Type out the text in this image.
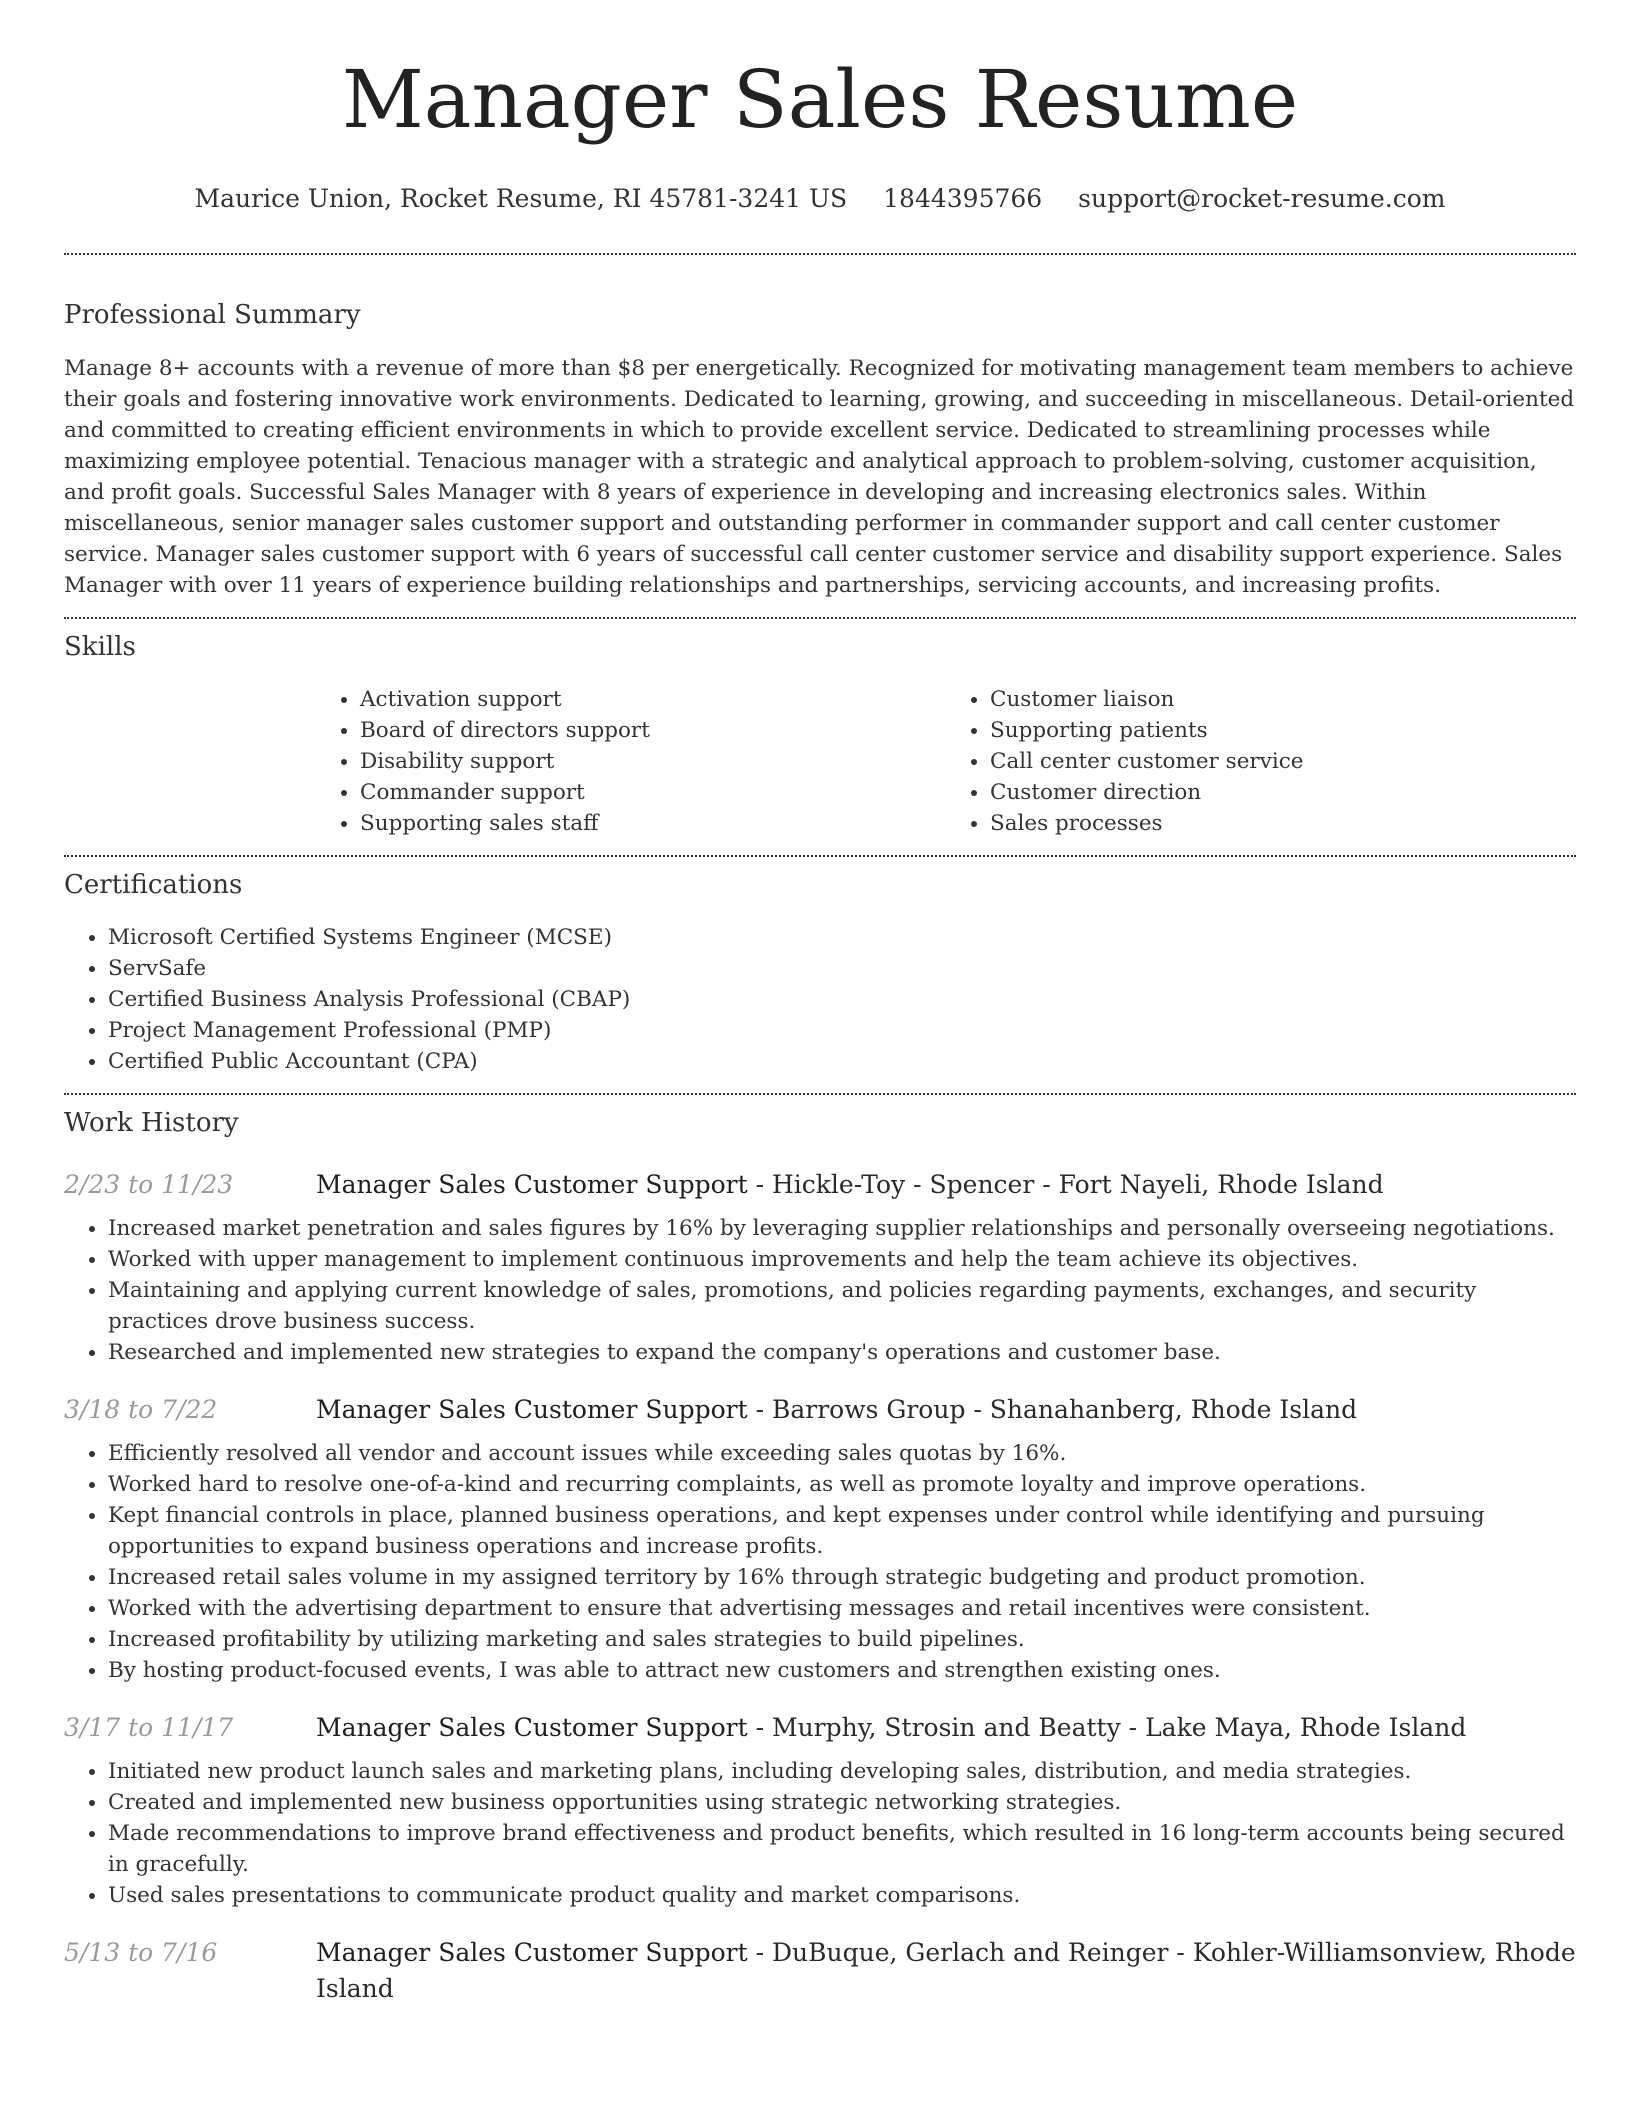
Manager Sales Resume
Maurice Union, Rocket Resume, RI 45781-3241 US 1844395766 support@rocket-resume.com
Professional Summary

Manage 8+ accounts with a revenue of more than $8 per energetically. Recognized for motivating management team members to achieve their goals and fostering innovative work environments. Dedicated to learning, growing, and succeeding in miscellaneous. Detail-oriented and committed to creating efficient environments in which to provide excellent service. Dedicated to streamlining processes while maximizing employee potential. Tenacious manager with a strategic and analytical approach to problem-solving, customer acquisition, and profit goals. Successful Sales Manager with 8 years of experience in developing and increasing electronics sales. Within miscellaneous, senior manager sales customer support and outstanding performer in commander support and call center customer service. Manager sales customer support with 6 years of successful call center customer service and disability support experience. Sales Manager with over 11 years of experience building relationships and partnerships, servicing accounts, and increasing profits.

Skills
• Activation support
• Board of directors support
• Disability support
• Commander support
• Supporting sales staff
• Customer liaison
• Supporting patients
• Call center customer service
• Customer direction
• Sales processes
Certifications
• Microsoft Certified Systems Engineer (MCSE)
• ServSafe
• Certified Business Analysis Professional (CBAP)
• Project Management Professional (PMP)
• Certified Public Accountant (CPA)
Work History
2/23 to 11/23	Manager Sales Customer Support - Hickle-Toy - Spencer - Fort Nayeli, Rhode Island
• Increased market penetration and sales figures by 16% by leveraging supplier relationships and personally overseeing negotiations.
• Worked with upper management to implement continuous improvements and help the team achieve its objectives.
• Maintaining and applying current knowledge of sales, promotions, and policies regarding payments, exchanges, and security practices drove business success.
• Researched and implemented new strategies to expand the company's operations and customer base.
3/18 to 7/22	Manager Sales Customer Support - Barrows Group - Shanahanberg, Rhode Island
• Efficiently resolved all vendor and account issues while exceeding sales quotas by 16%.
• Worked hard to resolve one-of-a-kind and recurring complaints, as well as promote loyalty and improve operations.
• Kept financial controls in place, planned business operations, and kept expenses under control while identifying and pursuing opportunities to expand business operations and increase profits.
• Increased retail sales volume in my assigned territory by 16% through strategic budgeting and product promotion.
• Worked with the advertising department to ensure that advertising messages and retail incentives were consistent.
• Increased profitability by utilizing marketing and sales strategies to build pipelines.
• By hosting product-focused events, I was able to attract new customers and strengthen existing ones.
3/17 to 11/17	Manager Sales Customer Support - Murphy, Strosin and Beatty - Lake Maya, Rhode Island
• Initiated new product launch sales and marketing plans, including developing sales, distribution, and media strategies.
• Created and implemented new business opportunities using strategic networking strategies.
• Made recommendations to improve brand effectiveness and product benefits, which resulted in 16 long-term accounts being secured in gracefully.
• Used sales presentations to communicate product quality and market comparisons.
5/13 to 7/16	Manager Sales Customer Support - DuBuque, Gerlach and Reinger - Kohler-Williamsonview, Rhode Island
